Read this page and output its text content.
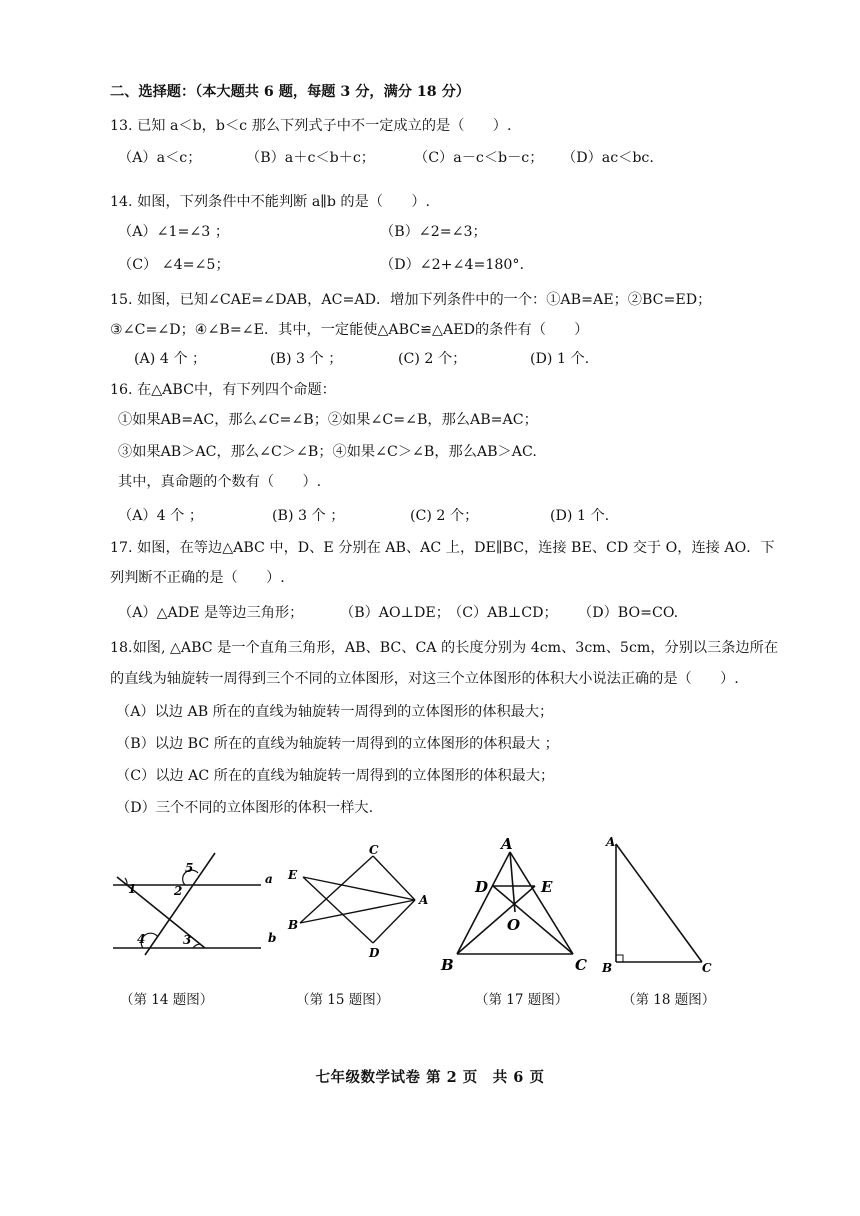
二、选择题：（本大题共 6 题，每题 3 分，满分 18 分）
13. 已知 a＜b，b＜c 那么下列式子中不一定成立的是（　　）.
（A）a＜c；	（B）a＋c＜b＋c；	（C）a－c＜b－c； （D）ac＜bc.
14. 如图，下列条件中不能判断 a∥b 的是（　　）.
（A）∠1=∠3 ；	（B）∠2=∠3；
（C） ∠4=∠5；	（D）∠2+∠4=180°.
15. 如图，已知∠CAE=∠DAB，AC=AD．增加下列条件中的一个：①AB=AE；②BC=ED；
③∠C=∠D；④∠B=∠E．其中，一定能使△ABC≌△AED的条件有（　　）
(A) 4 个 ；	(B) 3 个 ；	(C) 2 个；	(D) 1 个.
16. 在△ABC中，有下列四个命题：
①如果AB=AC，那么∠C=∠B；②如果∠C=∠B，那么AB=AC；
③如果AB＞AC，那么∠C＞∠B；④如果∠C＞∠B，那么AB＞AC.
其中，真命题的个数有（　　）.
（A）4 个 ；	(B) 3 个 ；	(C) 2 个；	(D) 1 个.
17. 如图，在等边△ABC 中，D、E 分别在 AB、AC 上，DE∥BC，连接 BE、CD 交于 O，连接 AO．下
列判断不正确的是（　　）.
（A）△ADE 是等边三角形；	（B）AO⊥DE；
（C）AB⊥CD； （D）BO=CO.
18.如图, △ABC 是一个直角三角形，AB、BC、CA 的长度分别为 4cm、3cm、5cm，分别以三条边所在
的直线为轴旋转一周得到三个不同的立体图形，对这三个立体图形的体积大小说法正确的是（　　）.
（A）以边 AB 所在的直线为轴旋转一周得到的立体图形的体积最大；
（B）以边 BC 所在的直线为轴旋转一周得到的立体图形的体积最大 ；
（C）以边 AC 所在的直线为轴旋转一周得到的立体图形的体积最大；
（D）三个不同的立体图形的体积一样大.
5
1	2
a
4	3	b
C
E
A
B
D
A
D	E
O
B	C
A
B	C
（第 14 题图）	（第 15 题图）	（第 17 题图）	（第 18 题图）
七年级数学试卷 第 2 页　共 6 页
